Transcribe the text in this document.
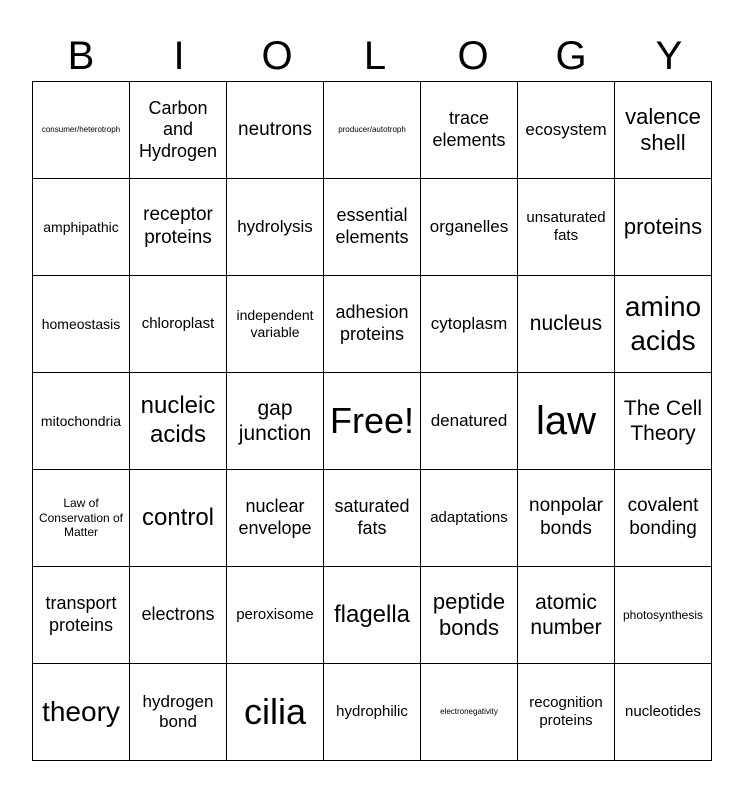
B	I	O	L	O	G	Y
consumer/heterotroph	Carbon and Hydrogen	neutrons	producer/autotroph	trace elements	ecosystem	valence shell
amphipathic	receptor proteins	hydrolysis	essential elements	organelles	unsaturated fats	proteins
homeostasis	chloroplast	independent variable	adhesion proteins	cytoplasm	nucleus	amino acids
mitochondria	nucleic acids	gap junction	Free!	denatured	law	The Cell Theory
Law of Conservation of Matter	control	nuclear envelope	saturated fats	adaptations	nonpolar bonds	covalent bonding
transport proteins	electrons	peroxisome	flagella	peptide bonds	atomic number	photosynthesis
theory	hydrogen bond	cilia	hydrophilic	electronegativity	recognition proteins	nucleotides
